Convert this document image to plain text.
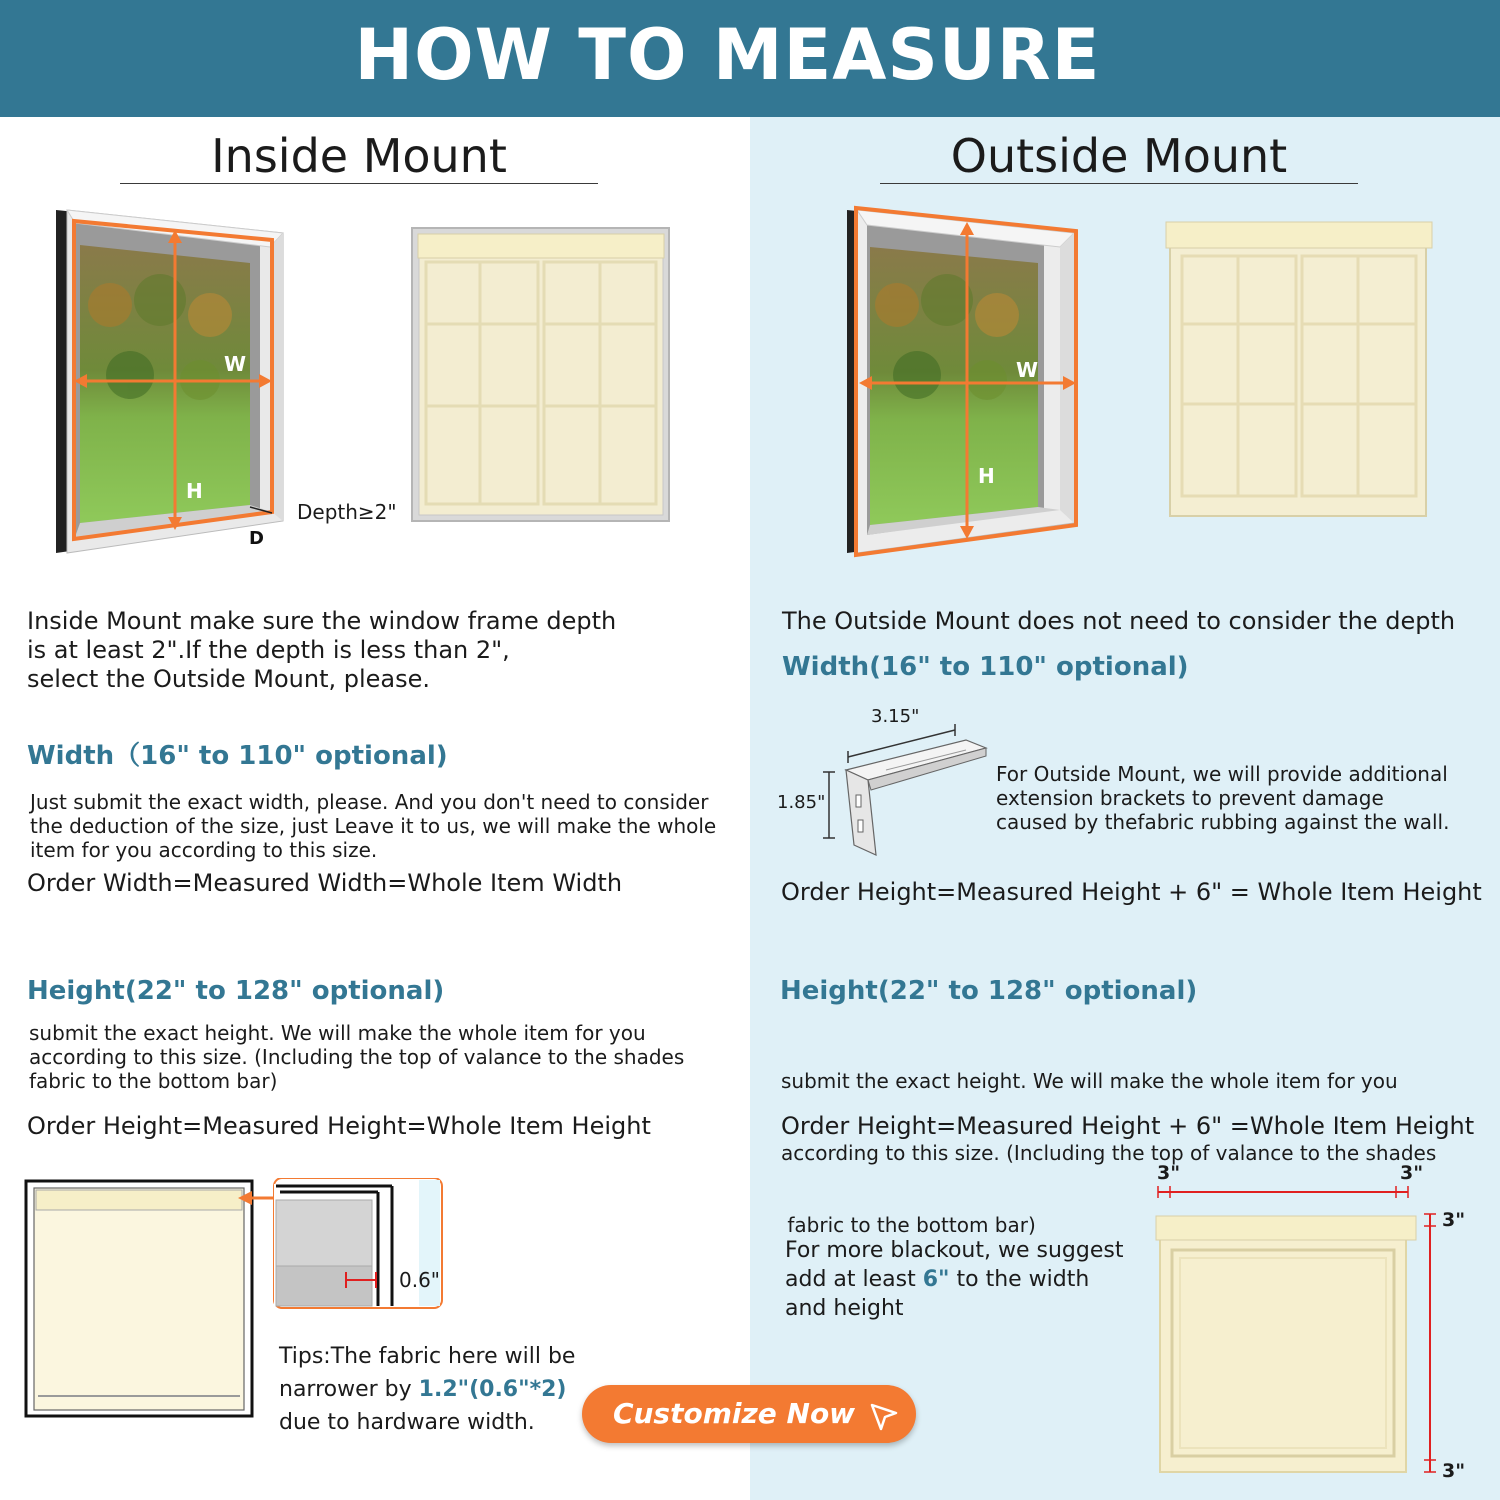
HOW TO MEASURE
Inside Mount
W
H
D
Depth≥2"
Inside Mount make sure the window frame depth
is at least 2".If the depth is less than 2",
select the Outside Mount, please.
Width（16" to 110" optional)
Just submit the exact width, please. And you don't need to consider
the deduction of the size, just Leave it to us, we will make the whole
item for you according to this size.
Order Width=Measured Width=Whole Item Width
Height(22" to 128" optional)
submit the exact height. We will make the whole item for you
according to this size. (Including the top of valance to the shades
fabric to the bottom bar)
Order Height=Measured Height=Whole Item Height
0.6"
Tips:The fabric here will be
narrower by 1.2"(0.6"*2)
due to hardware width.
Outside Mount
W
H
The Outside Mount does not need to consider the depth
Width(16" to 110" optional)
3.15"
1.85"
For Outside Mount, we will provide additional
extension brackets to prevent damage
caused by thefabric rubbing against the wall.
Order Height=Measured Height + 6" = Whole Item Height
Height(22" to 128" optional)

submit the exact height. We will make the whole item for you

according to this size. (Including the top of valance to the shades

fabric to the bottom bar)

Order Height=Measured Height + 6" =Whole Item Height
For more blackout, we suggest
add at least 6" to the width
and height
3"	3"
3"
3"
Customize Now
